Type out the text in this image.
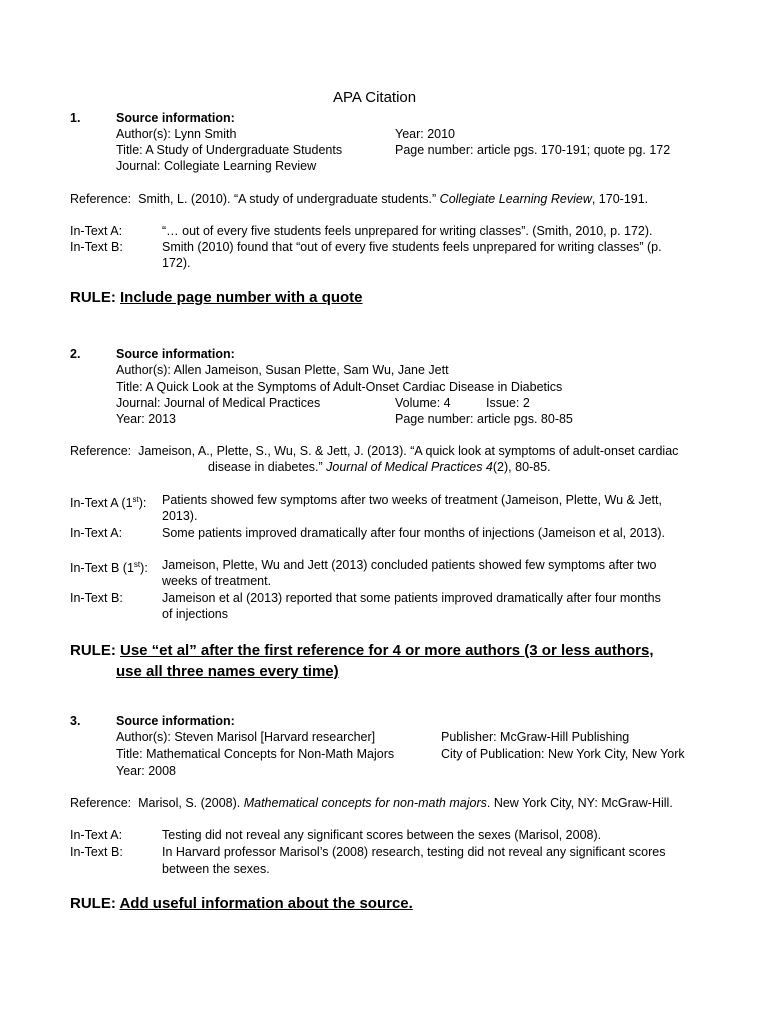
APA Citation
1.	Source information:
Author(s): Lynn Smith	Year: 2010
Title: A Study of Undergraduate Students	Page number: article pgs. 170-191; quote pg. 172
Journal: Collegiate Learning Review
Reference: Smith, L. (2010). “A study of undergraduate students.” Collegiate Learning Review, 170-191.
In-Text A:	“… out of every five students feels unprepared for writing classes”. (Smith, 2010, p. 172).
In-Text B:	Smith (2010) found that “out of every five students feels unprepared for writing classes” (p.
172).
RULE: Include page number with a quote
2.	Source information:
Author(s): Allen Jameison, Susan Plette, Sam Wu, Jane Jett
Title: A Quick Look at the Symptoms of Adult-Onset Cardiac Disease in Diabetics
Journal: Journal of Medical Practices	Volume: 4	Issue: 2
Year: 2013	Page number: article pgs. 80-85
Reference: Jameison, A., Plette, S., Wu, S. & Jett, J. (2013). “A quick look at symptoms of adult-onset cardiac
disease in diabetes.” Journal of Medical Practices 4(2), 80-85.
In-Text A (1st): Patients showed few symptoms after two weeks of treatment (Jameison, Plette, Wu & Jett,
2013).
In-Text A:	Some patients improved dramatically after four months of injections (Jameison et al, 2013).
In-Text B (1st): Jameison, Plette, Wu and Jett (2013) concluded patients showed few symptoms after two
weeks of treatment.
In-Text B:	Jameison et al (2013) reported that some patients improved dramatically after four months
of injections
RULE: Use “et al” after the first reference for 4 or more authors (3 or less authors,
use all three names every time)
3.	Source information:
Author(s): Steven Marisol [Harvard researcher]	Publisher: McGraw-Hill Publishing
Title: Mathematical Concepts for Non-Math Majors	City of Publication: New York City, New York
Year: 2008
Reference: Marisol, S. (2008). Mathematical concepts for non-math majors. New York City, NY: McGraw-Hill.
In-Text A:	Testing did not reveal any significant scores between the sexes (Marisol, 2008).
In-Text B:	In Harvard professor Marisol’s (2008) research, testing did not reveal any significant scores
between the sexes.
RULE: Add useful information about the source.
